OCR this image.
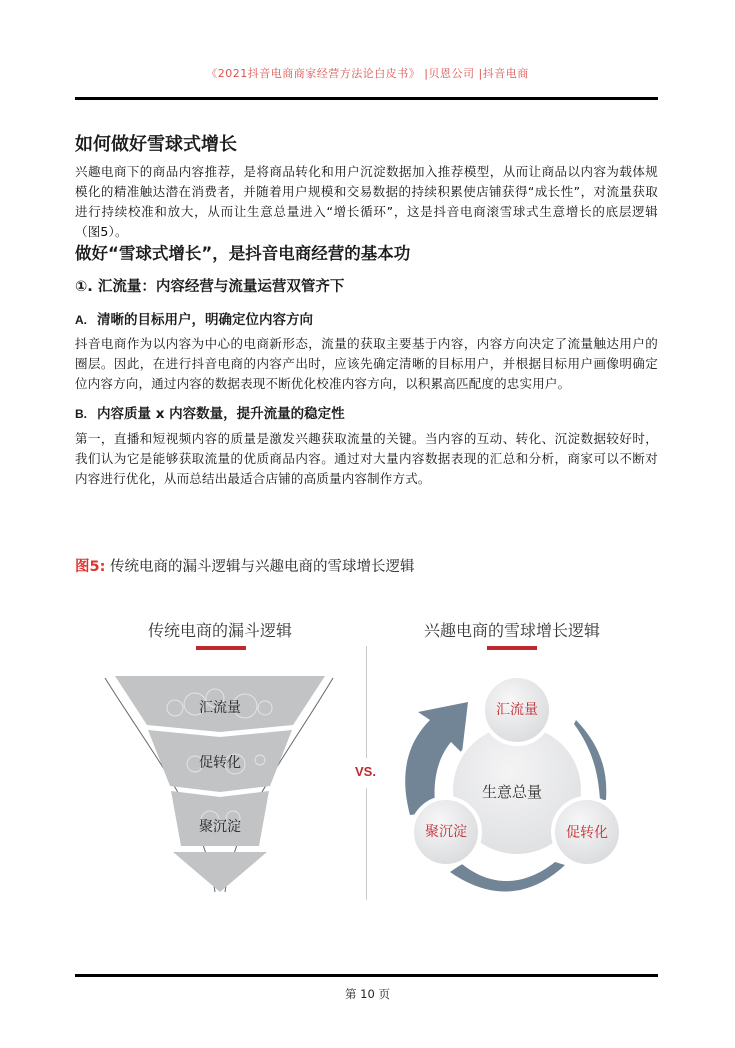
《2021抖音电商商家经营方法论白皮书》 |贝恩公司 |抖音电商
如何做好雪球式增长
兴趣电商下的商品内容推荐，是将商品转化和用户沉淀数据加入推荐模型，从而让商品以内容为载体规模化的精准触达潜在消费者，并随着用户规模和交易数据的持续积累使店铺获得“成长性”，对流量获取进行持续校准和放大，从而让生意总量进入“增长循环”，这是抖音电商滚雪球式生意增长的底层逻辑（图5）。
做好“雪球式增长”，是抖音电商经营的基本功
①. 汇流量：内容经营与流量运营双管齐下
A. 清晰的目标用户，明确定位内容方向
抖音电商作为以内容为中心的电商新形态，流量的获取主要基于内容，内容方向决定了流量触达用户的圈层。因此，在进行抖音电商的内容产出时，应该先确定清晰的目标用户，并根据目标用户画像明确定位内容方向，通过内容的数据表现不断优化校准内容方向，以积累高匹配度的忠实用户。
B. 内容质量 x 内容数量，提升流量的稳定性
第一，直播和短视频内容的质量是激发兴趣获取流量的关键。当内容的互动、转化、沉淀数据较好时，我们认为它是能够获取流量的优质商品内容。通过对大量内容数据表现的汇总和分析，商家可以不断对内容进行优化，从而总结出最适合店铺的高质量内容制作方式。
图5: 传统电商的漏斗逻辑与兴趣电商的雪球增长逻辑
传统电商的漏斗逻辑
汇流量
促转化
聚沉淀
VS.
兴趣电商的雪球增长逻辑
生意总量
汇流量
促转化
聚沉淀
第 10 页
